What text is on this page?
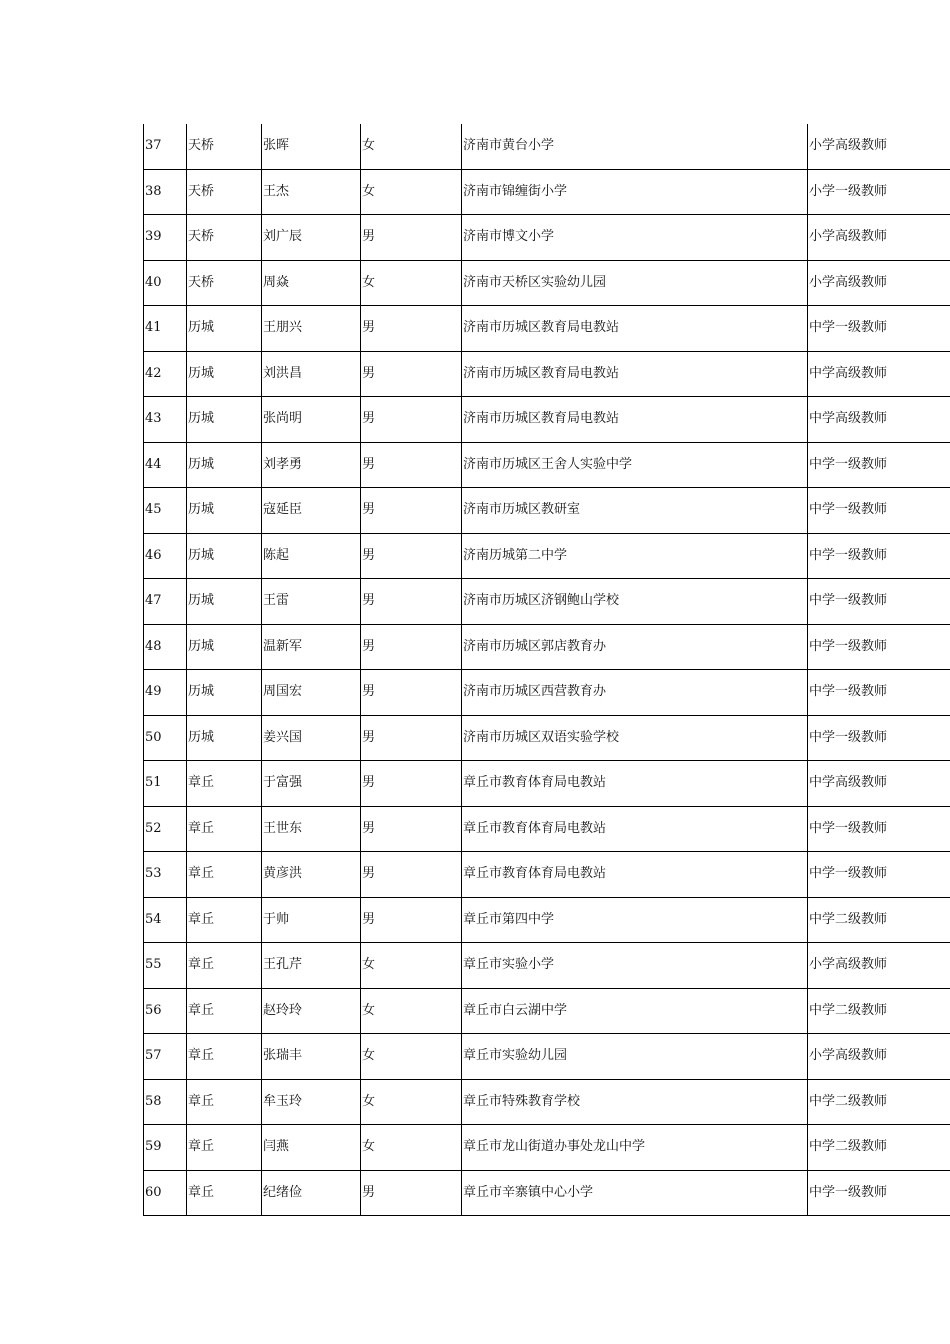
37	天桥	张晖	女	济南市黄台小学	小学高级教师
38	天桥	王杰	女	济南市锦缠街小学	小学一级教师
39	天桥	刘广辰	男	济南市博文小学	小学高级教师
40	天桥	周焱	女	济南市天桥区实验幼儿园	小学高级教师
41	历城	王朋兴	男	济南市历城区教育局电教站	中学一级教师
42	历城	刘洪昌	男	济南市历城区教育局电教站	中学高级教师
43	历城	张尚明	男	济南市历城区教育局电教站	中学高级教师
44	历城	刘孝勇	男	济南市历城区王舍人实验中学	中学一级教师
45	历城	寇延臣	男	济南市历城区教研室	中学一级教师
46	历城	陈起	男	济南历城第二中学	中学一级教师
47	历城	王雷	男	济南市历城区济钢鲍山学校	中学一级教师
48	历城	温新军	男	济南市历城区郭店教育办	中学一级教师
49	历城	周国宏	男	济南市历城区西营教育办	中学一级教师
50	历城	姜兴国	男	济南市历城区双语实验学校	中学一级教师
51	章丘	于富强	男	章丘市教育体育局电教站	中学高级教师
52	章丘	王世东	男	章丘市教育体育局电教站	中学一级教师
53	章丘	黄彦洪	男	章丘市教育体育局电教站	中学一级教师
54	章丘	于帅	男	章丘市第四中学	中学二级教师
55	章丘	王孔芹	女	章丘市实验小学	小学高级教师
56	章丘	赵玲玲	女	章丘市白云湖中学	中学二级教师
57	章丘	张瑞丰	女	章丘市实验幼儿园	小学高级教师
58	章丘	牟玉玲	女	章丘市特殊教育学校	中学二级教师
59	章丘	闫燕	女	章丘市龙山街道办事处龙山中学	中学二级教师
60	章丘	纪绪俭	男	章丘市辛寨镇中心小学	中学一级教师
